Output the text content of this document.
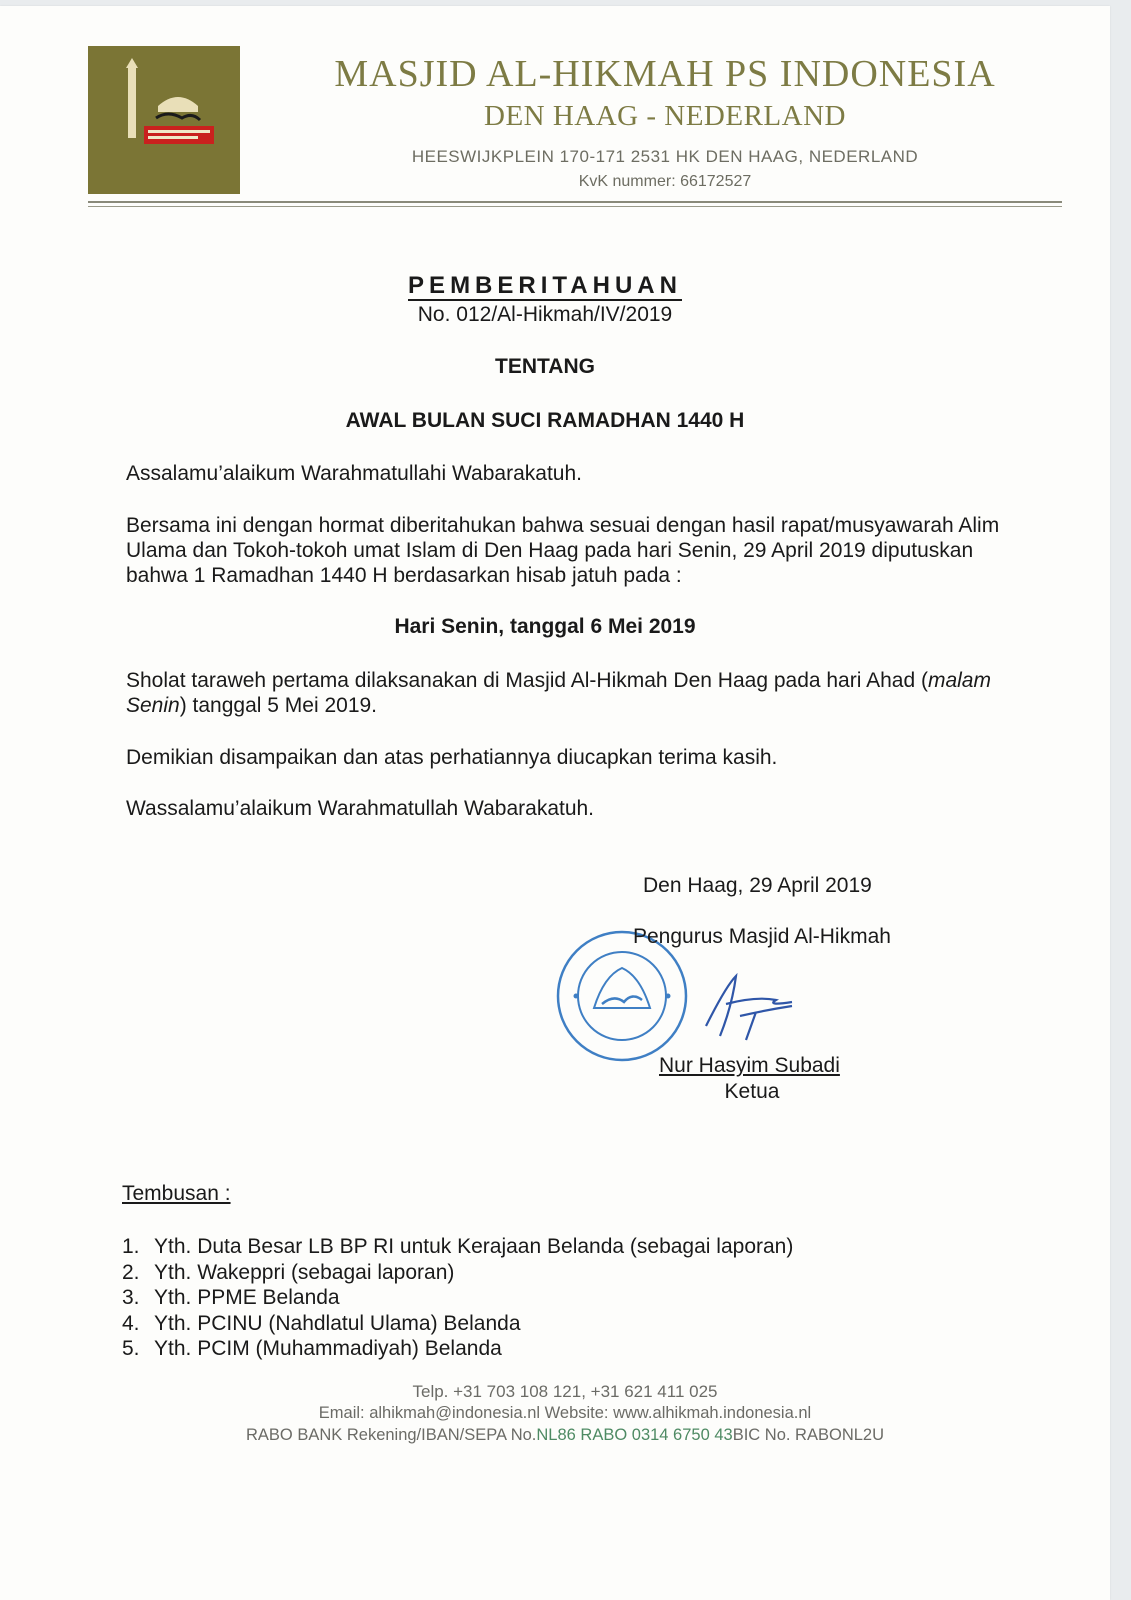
MASJID AL-HIKMAH PS INDONESIA
DEN HAAG - NEDERLAND
HEESWIJKPLEIN 170-171 2531 HK DEN HAAG, NEDERLAND
KvK nummer: 66172527
PEMBERITAHUAN
No. 012/Al-Hikmah/IV/2019
TENTANG
AWAL BULAN SUCI RAMADHAN 1440 H
Assalamu’alaikum Warahmatullahi Wabarakatuh.
Bersama ini dengan hormat diberitahukan bahwa sesuai dengan hasil rapat/musyawarah Alim Ulama dan Tokoh-tokoh umat Islam di Den Haag pada hari Senin, 29 April 2019 diputuskan bahwa 1 Ramadhan 1440 H berdasarkan hisab jatuh pada :
Hari Senin, tanggal 6 Mei 2019
Sholat taraweh pertama dilaksanakan di Masjid Al-Hikmah Den Haag pada hari Ahad (malam Senin) tanggal 5 Mei 2019.
Demikian disampaikan dan atas perhatiannya diucapkan terima kasih.
Wassalamu’alaikum Warahmatullah Wabarakatuh.
Den Haag, 29 April 2019
Pengurus Masjid Al-Hikmah
Nur Hasyim Subadi
Ketua
Tembusan :
1. Yth. Duta Besar LB BP RI untuk Kerajaan Belanda (sebagai laporan)
2. Yth. Wakeppri (sebagai laporan)
3. Yth. PPME Belanda
4. Yth. PCINU (Nahdlatul Ulama) Belanda
5. Yth. PCIM (Muhammadiyah) Belanda
Telp. +31 703 108 121, +31 621 411 025
Email: alhikmah@indonesia.nl Website: www.alhikmah.indonesia.nl
RABO BANK Rekening/IBAN/SEPA No.NL86 RABO 0314 6750 43BIC No. RABONL2U
